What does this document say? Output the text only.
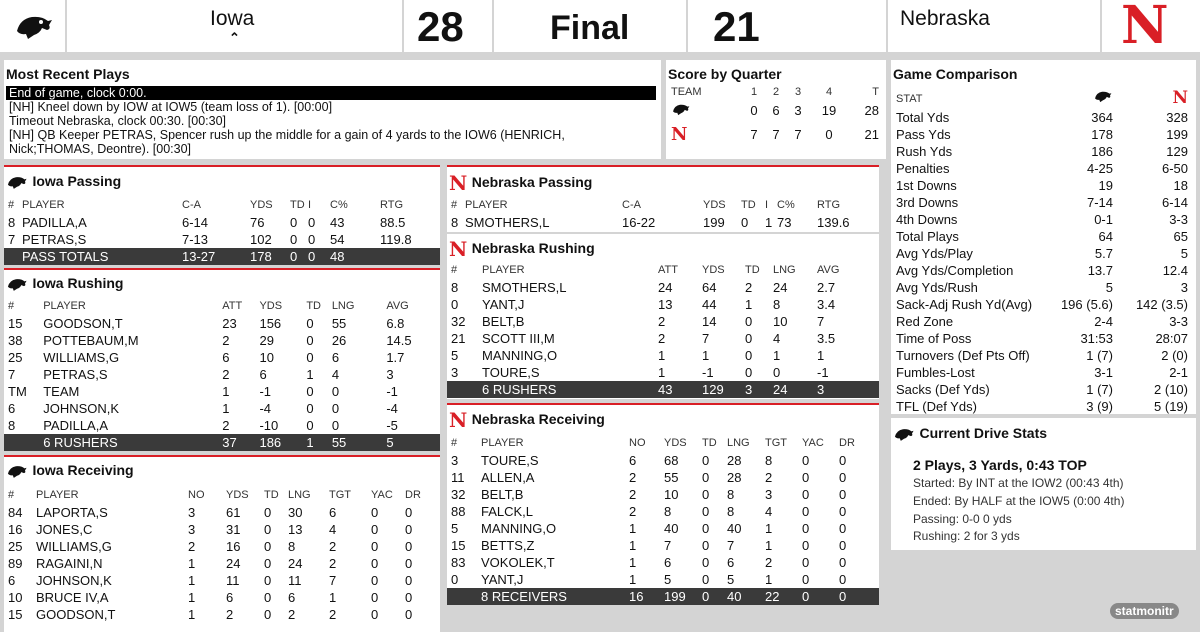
Iowa
⌃	28	Final 21	Nebraska	N
Most Recent Plays
End of game, clock 0:00.
[NH] Kneel down by IOW at IOW5 (team loss of 1). [00:00]
Timeout Nebraska, clock 00:30. [00:30]
[NH] QB Keeper PETRAS, Spencer rush up the middle for a gain of 4 yards to the IOW6 (HENRICH, Nick;THOMAS, Deontre). [00:30]
Score by Quarter
TEAM	1	2	3	4	T
	0	6	3	19	28
N	7	7	7	0	21
Game Comparison
STAT		N
Total Yds	364	328
Pass Yds	178	199
Rush Yds	186	129
Penalties	4-25	6-50
1st Downs	19	18
3rd Downs	7-14	6-14
4th Downs	0-1	3-3
Total Plays	64	65
Avg Yds/Play	5.7	5
Avg Yds/Completion	13.7	12.4
Avg Yds/Rush	5	3
Sack-Adj Rush Yd(Avg)	196 (5.6)	142 (3.5)
Red Zone	2-4	3-3
Time of Poss	31:53	28:07
Turnovers (Def Pts Off)	1 (7)	2 (0)
Fumbles-Lost	3-1	2-1
Sacks (Def Yds)	1 (7)	2 (10)
TFL (Def Yds)	3 (9)	5 (19)
Current Drive Stats
2 Plays, 3 Yards, 0:43 TOP
Started: By INT at the IOW2 (00:43 4th)
Ended: By HALF at the IOW5 (0:00 4th)
Passing: 0-0 0 yds
Rushing: 2 for 3 yds
Iowa Passing
#	PLAYER	C-A	YDS	TD	I	C%	RTG
8	PADILLA,A	6-14	76	0	0	43	88.5
7	PETRAS,S	7-13	102	0	0	54	119.8
	PASS TOTALS	13-27	178	0	0	48	
Iowa Rushing
#	PLAYER	ATT	YDS	TD	LNG	AVG
15	GOODSON,T	23	156	0	55	6.8
38	POTTEBAUM,M	2	29	0	26	14.5
25	WILLIAMS,G	6	10	0	6	1.7
7	PETRAS,S	2	6	1	4	3
TM	TEAM	1	-1	0	0	-1
6	JOHNSON,K	1	-4	0	0	-4
8	PADILLA,A	2	-10	0	0	-5
	6 RUSHERS	37	186	1	55	5
Iowa Receiving
#	PLAYER	NO	YDS	TD	LNG	TGT	YAC	DR
84	LAPORTA,S	3	61	0	30	6	0	0
16	JONES,C	3	31	0	13	4	0	0
25	WILLIAMS,G	2	16	0	8	2	0	0
89	RAGAINI,N	1	24	0	24	2	0	0
6	JOHNSON,K	1	11	0	11	7	0	0
10	BRUCE IV,A	1	6	0	6	1	0	0
15	GOODSON,T	1	2	0	2	2	0	0
N Nebraska Passing
#	PLAYER	C-A	YDS	TD	I	C%	RTG
8	SMOTHERS,L	16-22	199	0	1	73	139.6
N Nebraska Rushing
#	PLAYER	ATT	YDS	TD	LNG	AVG
8	SMOTHERS,L	24	64	2	24	2.7
0	YANT,J	13	44	1	8	3.4
32	BELT,B	2	14	0	10	7
21	SCOTT III,M	2	7	0	4	3.5
5	MANNING,O	1	1	0	1	1
3	TOURE,S	1	-1	0	0	-1
	6 RUSHERS	43	129	3	24	3
N Nebraska Receiving
#	PLAYER	NO	YDS	TD	LNG	TGT	YAC	DR
3	TOURE,S	6	68	0	28	8	0	0
11	ALLEN,A	2	55	0	28	2	0	0
32	BELT,B	2	10	0	8	3	0	0
88	FALCK,L	2	8	0	8	4	0	0
5	MANNING,O	1	40	0	40	1	0	0
15	BETTS,Z	1	7	0	7	1	0	0
83	VOKOLEK,T	1	6	0	6	2	0	0
0	YANT,J	1	5	0	5	1	0	0
	8 RECEIVERS	16	199	0	40	22	0	0
statmonitr
